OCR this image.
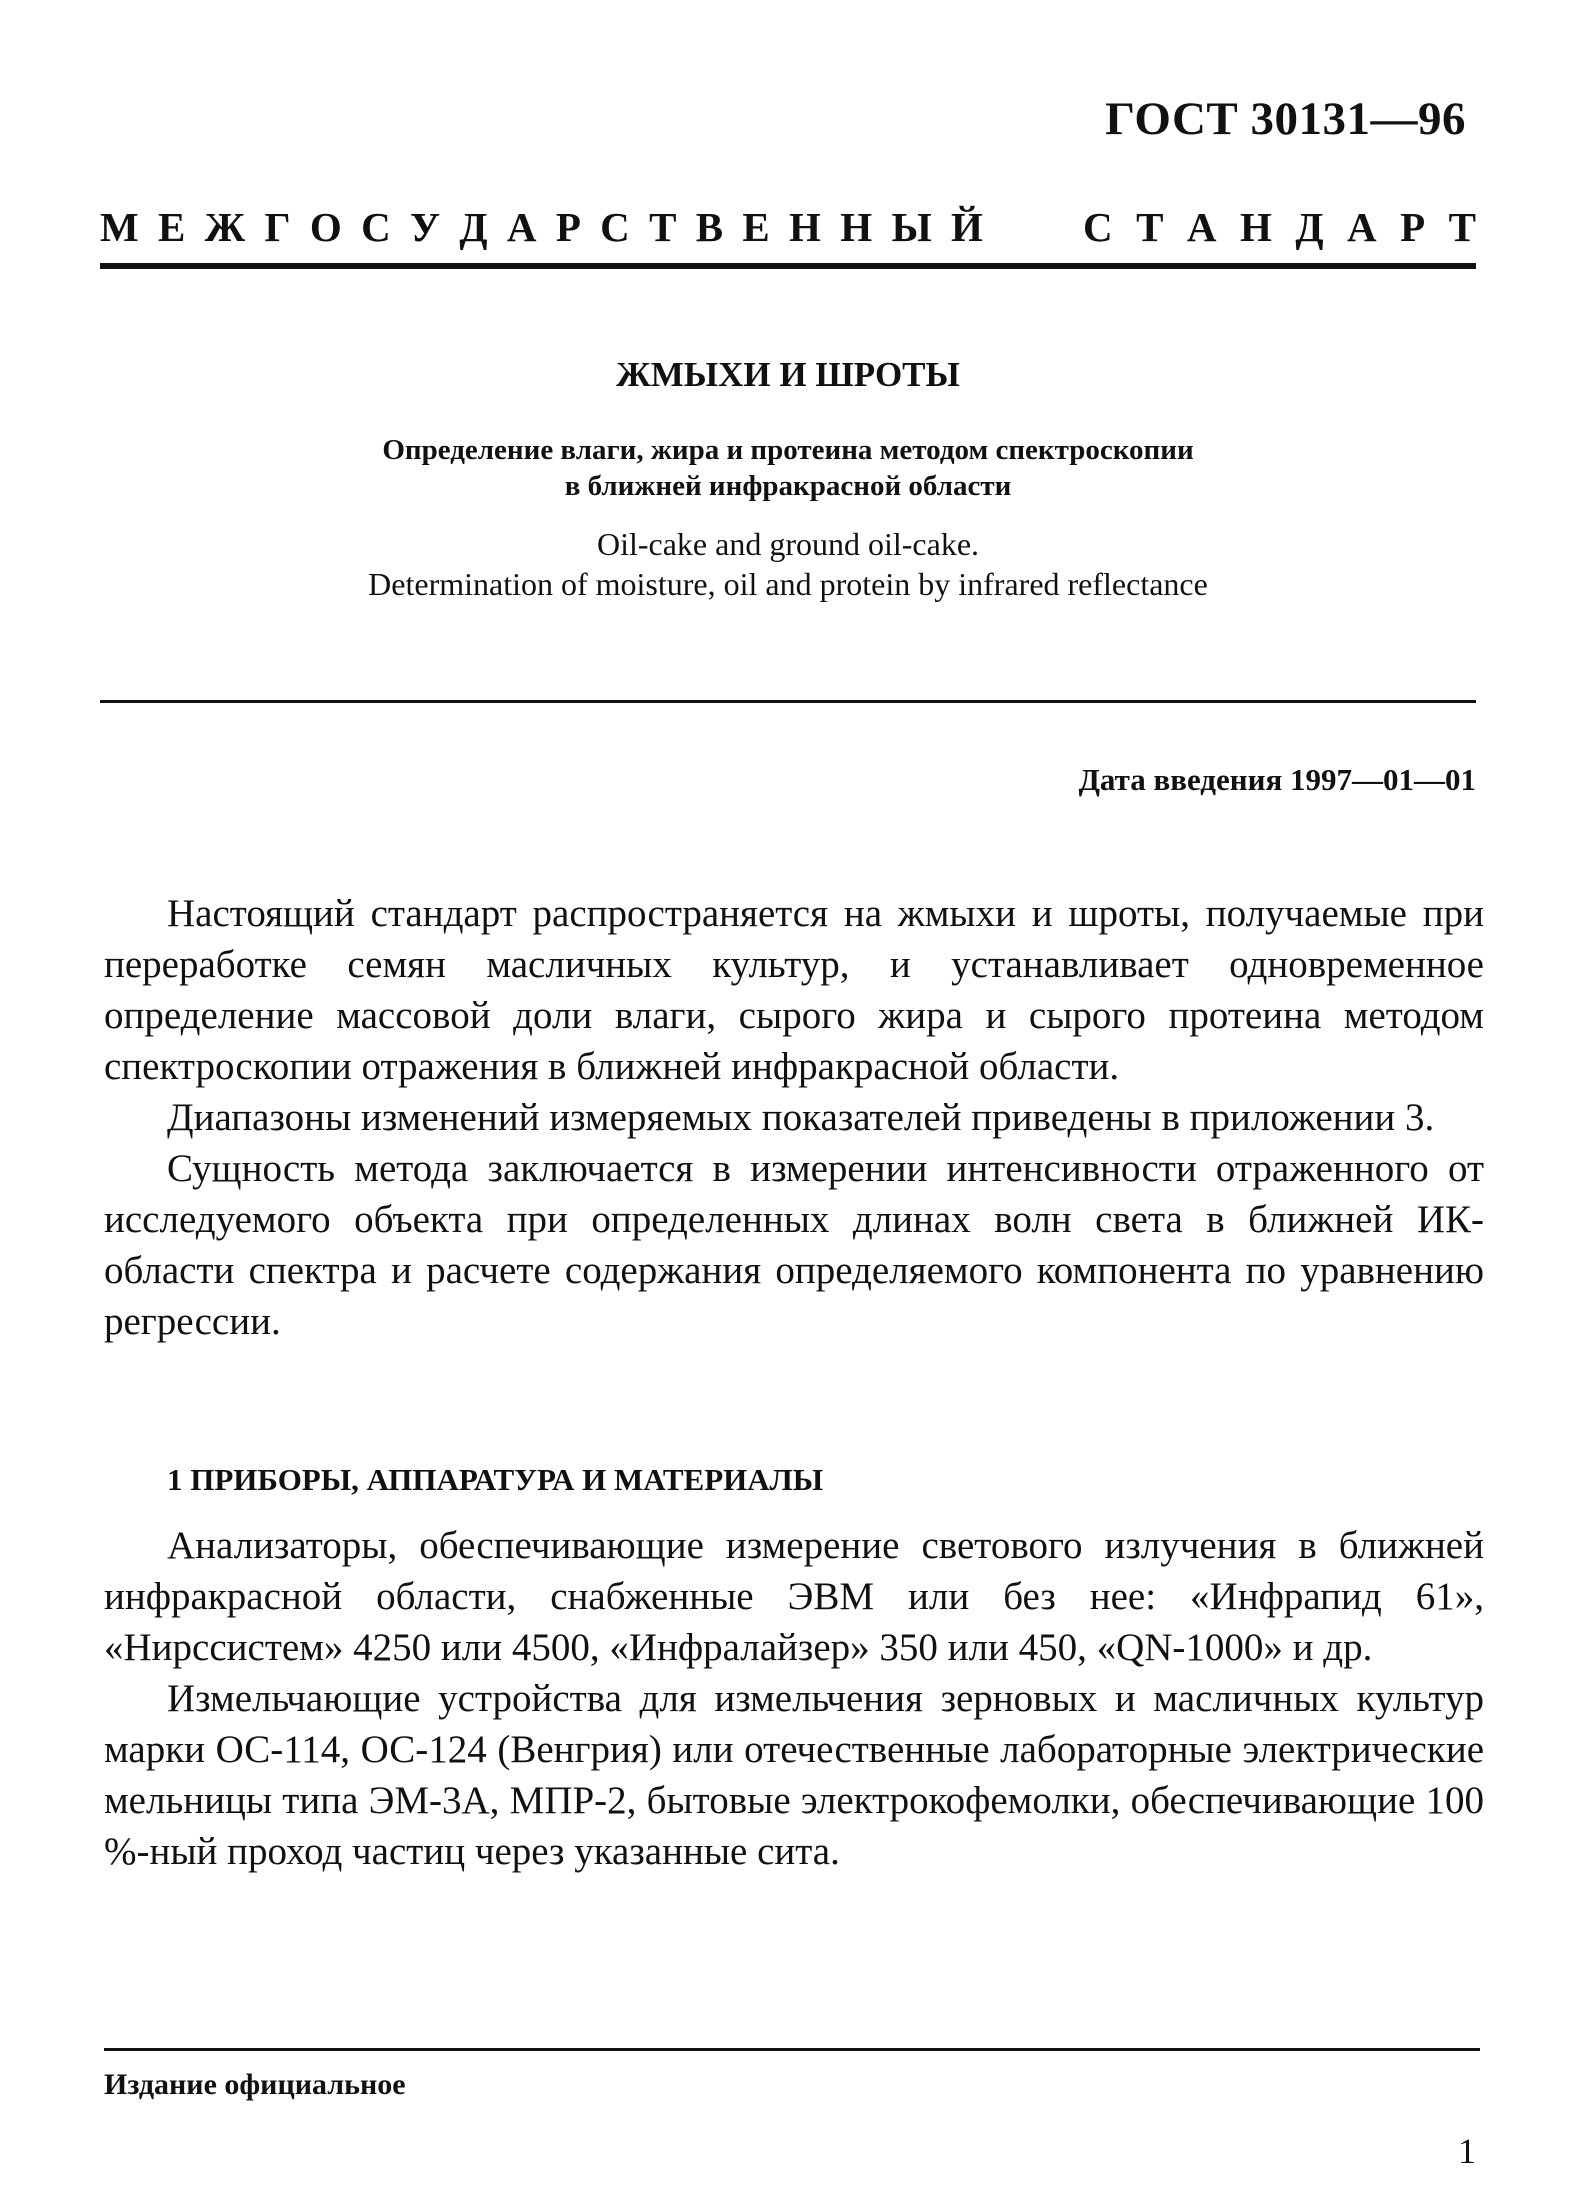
ГОСТ 30131—96
М Е Ж Г О С У Д А Р С Т В Е Н Н Ы Й С Т А Н Д А Р Т
ЖМЫХИ И ШРОТЫ
Определение влаги, жира и протеина методом спектроскопии
в ближней инфракрасной области
Oil-cake and ground oil-cake.
Determination of moisture, oil and protein by infrared reflectance
Дата введения 1997—01—01

Настоящий стандарт распространяется на жмыхи и шроты, получаемые при переработке семян масличных культур, и устанавливает одновременное определение массовой доли влаги, сырого жира и сырого протеина методом спектроскопии отражения в ближней инфракрасной области.

Диапазоны изменений измеряемых показателей приведены в приложении 3.

Сущность метода заключается в измерении интенсивности отраженного от исследуемого объекта при определенных длинах волн света в ближней ИК-области спектра и расчете содержания определяемого компонента по уравнению регрессии.

1 ПРИБОРЫ, АППАРАТУРА И МАТЕРИАЛЫ

Анализаторы, обеспечивающие измерение светового излучения в ближней инфракрасной области, снабженные ЭВМ или без нее: «Инфрапид 61», «Нирссистем» 4250 или 4500, «Инфралайзер» 350 или 450, «QN-1000» и др.

Измельчающие устройства для измельчения зерновых и масличных культур марки ОС-114, ОС-124 (Венгрия) или отечественные лабораторные электрические мельницы типа ЭМ-3А, МПР-2, бытовые электрокофемолки, обеспечивающие 100 %-ный проход частиц через указанные сита.

Издание официальное
1
